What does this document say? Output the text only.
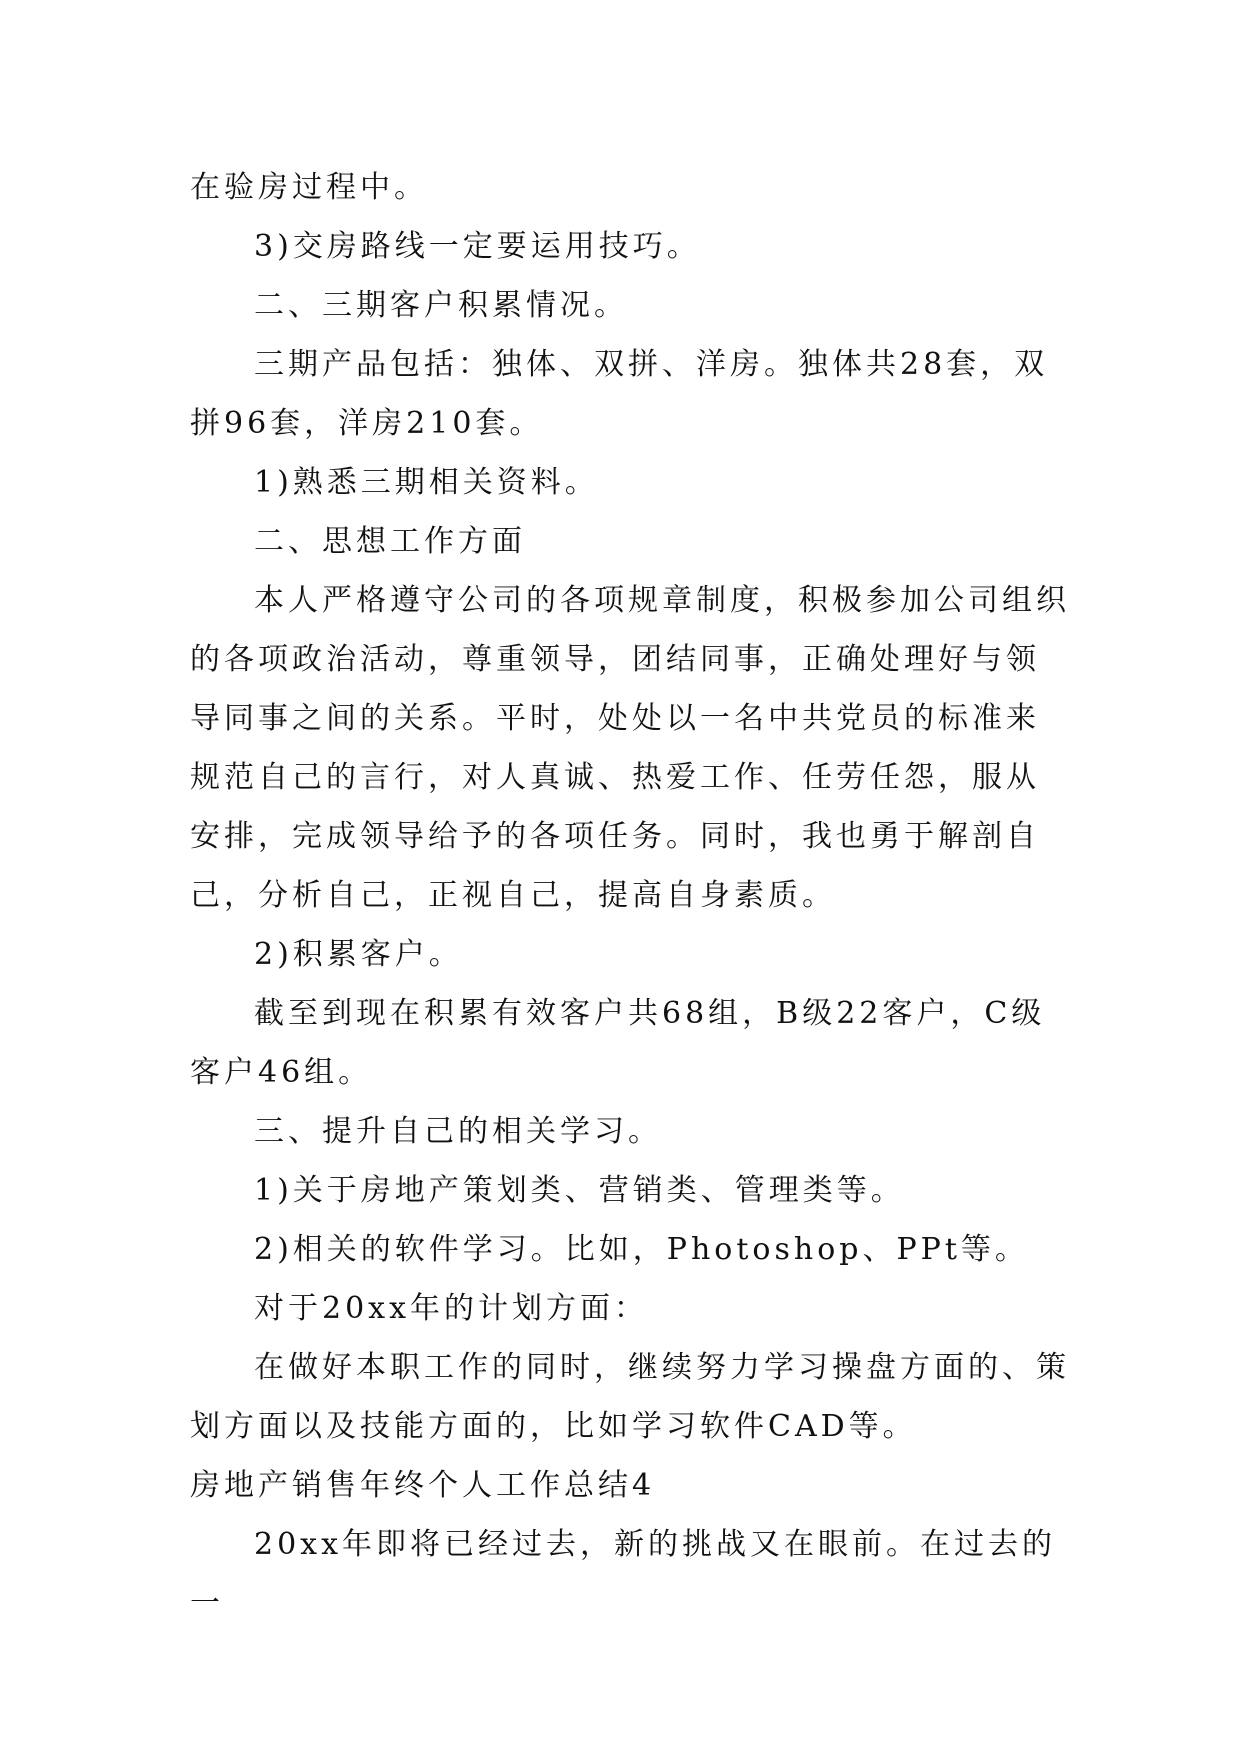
在验房过程中。

3)交房路线一定要运用技巧。

二、三期客户积累情况。

三期产品包括：独体、双拼、洋房。独体共28套，双拼96套，洋房210套。

1)熟悉三期相关资料。

二、思想工作方面

本人严格遵守公司的各项规章制度，积极参加公司组织的各项政治活动，尊重领导，团结同事，正确处理好与领导同事之间的关系。平时，处处以一名中共党员的标准来规范自己的言行，对人真诚、热爱工作、任劳任怨，服从安排，完成领导给予的各项任务。同时，我也勇于解剖自己，分析自己，正视自己，提高自身素质。

2)积累客户。

截至到现在积累有效客户共68组，B级22客户，C级客户46组。

三、提升自己的相关学习。

1)关于房地产策划类、营销类、管理类等。

2)相关的软件学习。比如，Photoshop、PPt等。

对于20xx年的计划方面：

在做好本职工作的同时，继续努力学习操盘方面的、策划方面以及技能方面的，比如学习软件CAD等。

房地产销售年终个人工作总结4

20xx年即将已经过去，新的挑战又在眼前。在过去的一
